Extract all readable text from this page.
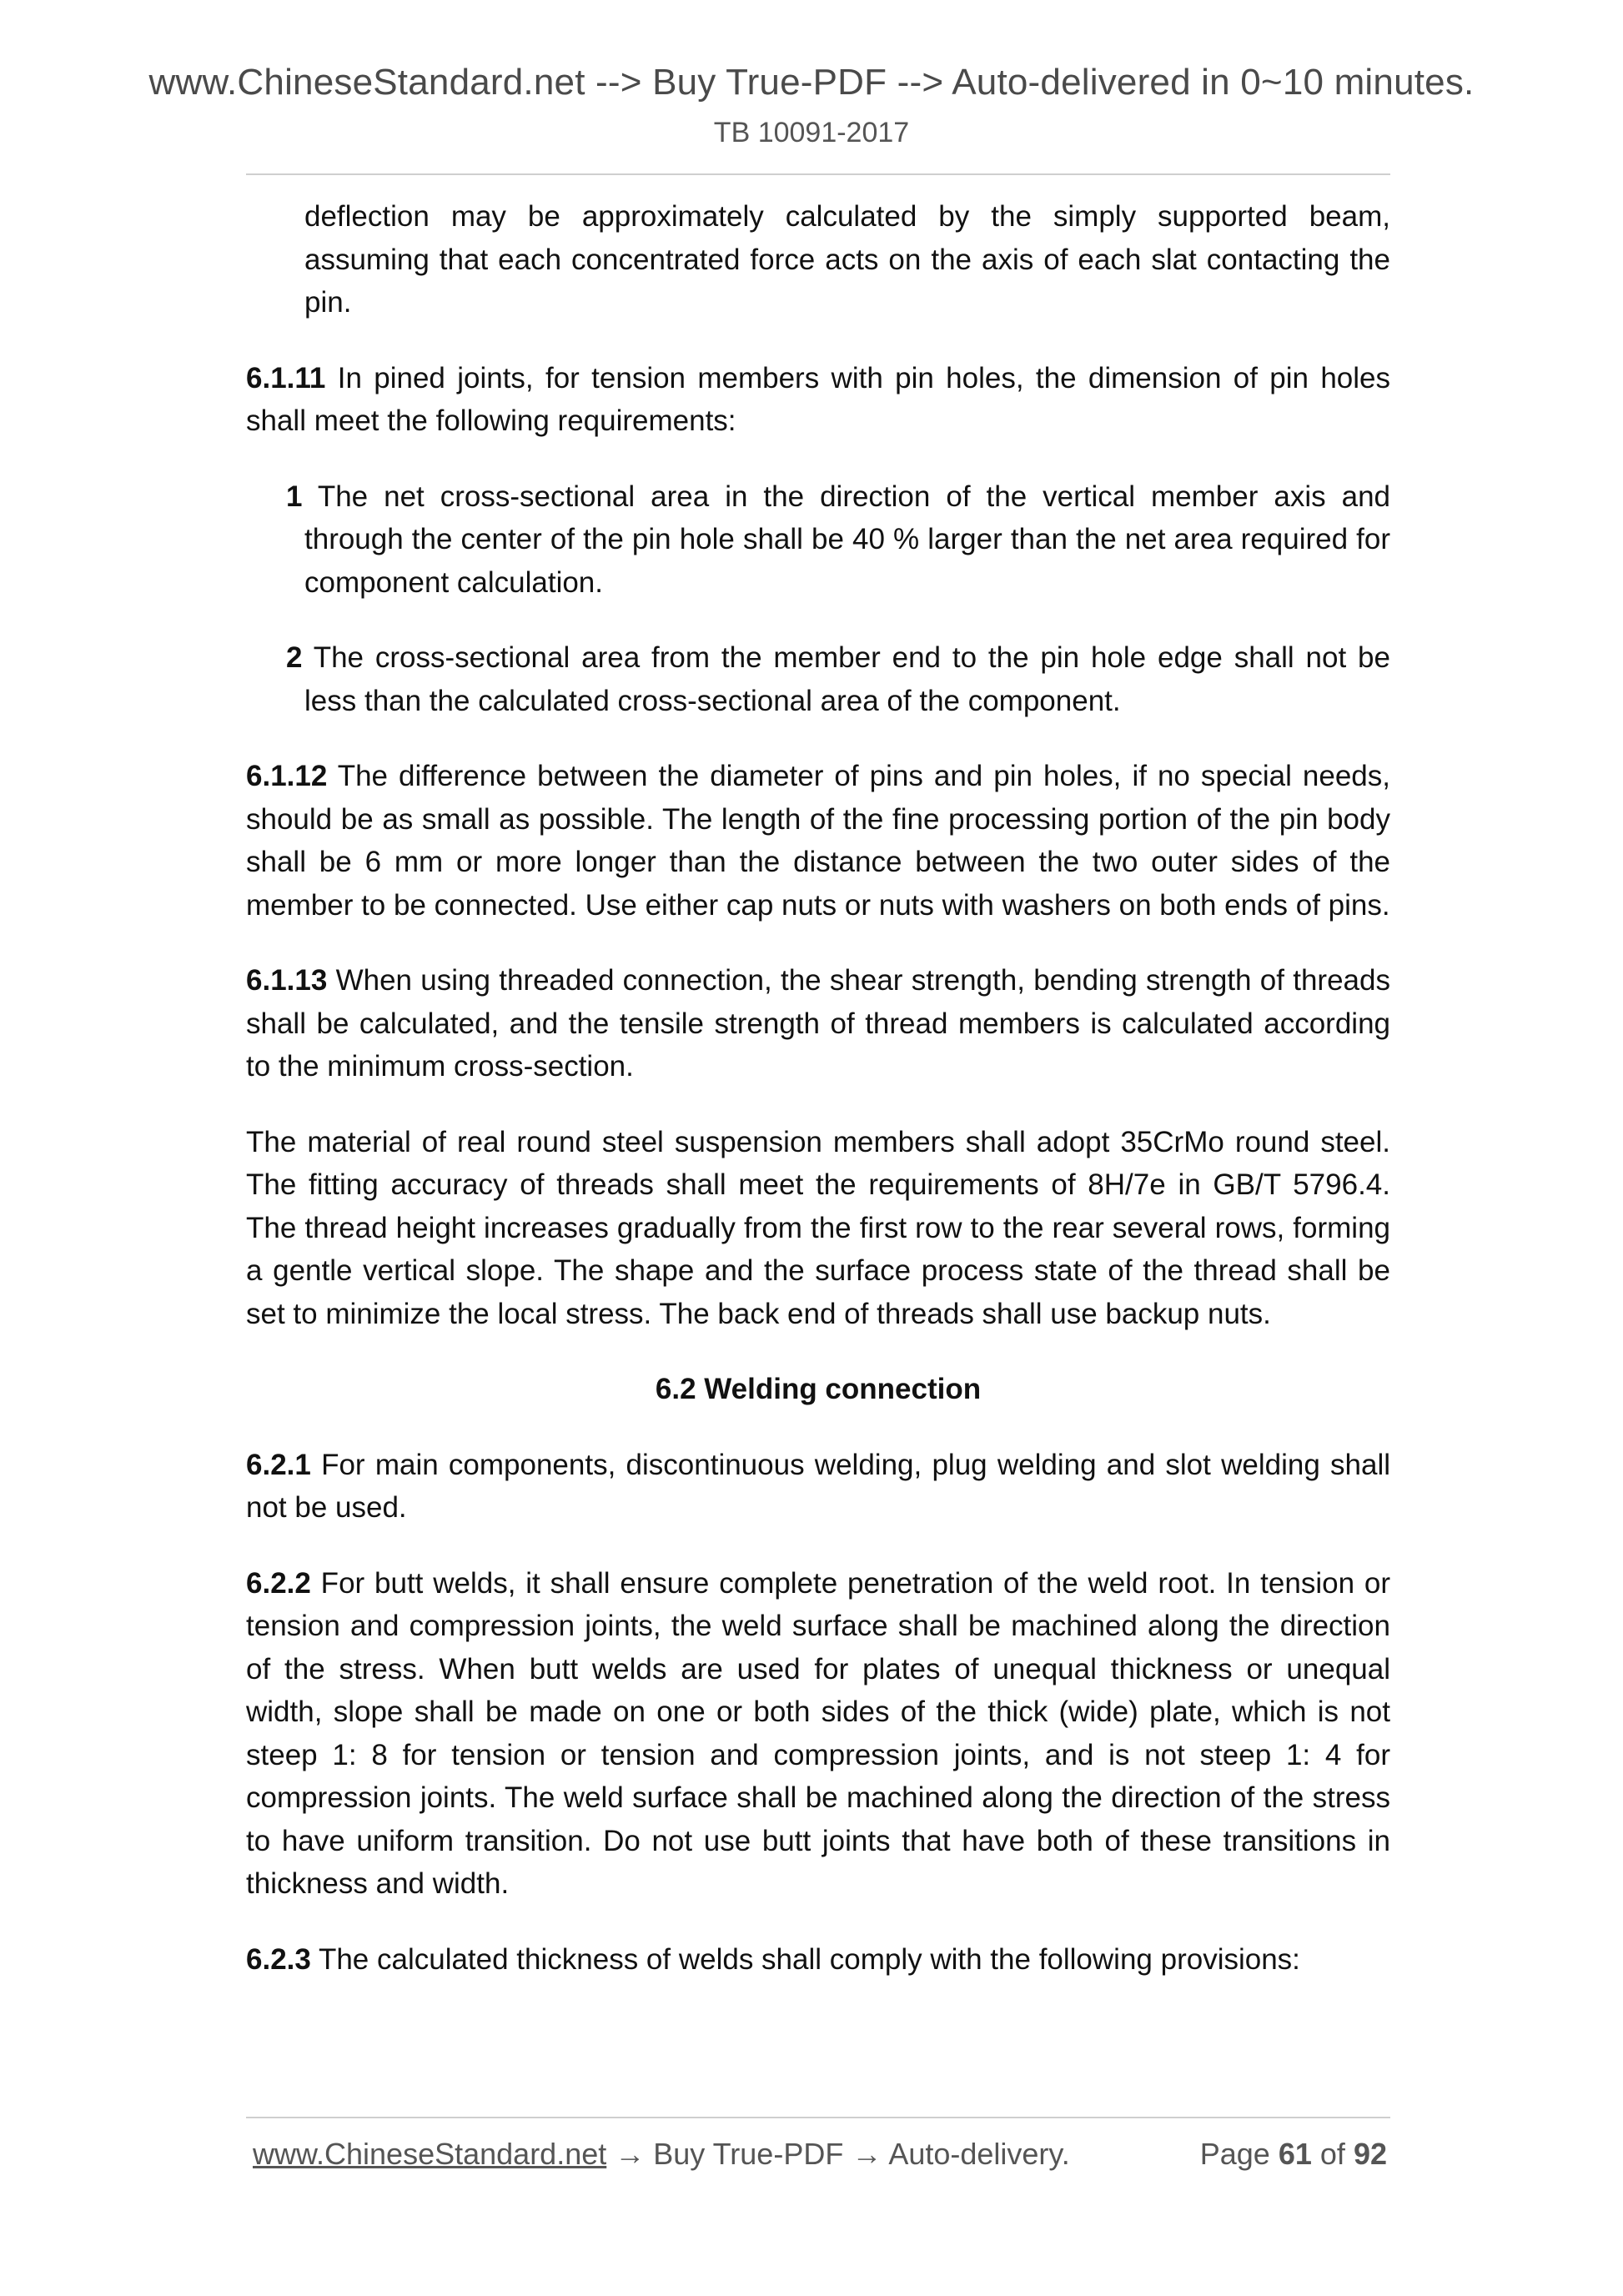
www.ChineseStandard.net --> Buy True-PDF --> Auto-delivered in 0~10 minutes.
TB 10091-2017

deflection may be approximately calculated by the simply supported beam, assuming that each concentrated force acts on the axis of each slat contacting the pin.

6.1.11 In pined joints, for tension members with pin holes, the dimension of pin holes shall meet the following requirements:

1 The net cross-sectional area in the direction of the vertical member axis and through the center of the pin hole shall be 40 % larger than the net area required for component calculation.

2 The cross-sectional area from the member end to the pin hole edge shall not be less than the calculated cross-sectional area of the component.

6.1.12 The difference between the diameter of pins and pin holes, if no special needs, should be as small as possible. The length of the fine processing portion of the pin body shall be 6 mm or more longer than the distance between the two outer sides of the member to be connected. Use either cap nuts or nuts with washers on both ends of pins.

6.1.13 When using threaded connection, the shear strength, bending strength of threads shall be calculated, and the tensile strength of thread members is calculated according to the minimum cross-section.

The material of real round steel suspension members shall adopt 35CrMo round steel. The fitting accuracy of threads shall meet the requirements of 8H/7e in GB/T 5796.4. The thread height increases gradually from the first row to the rear several rows, forming a gentle vertical slope. The shape and the surface process state of the thread shall be set to minimize the local stress. The back end of threads shall use backup nuts.

6.2 Welding connection

6.2.1 For main components, discontinuous welding, plug welding and slot welding shall not be used.

6.2.2 For butt welds, it shall ensure complete penetration of the weld root. In tension or tension and compression joints, the weld surface shall be machined along the direction of the stress. When butt welds are used for plates of unequal thickness or unequal width, slope shall be made on one or both sides of the thick (wide) plate, which is not steep 1: 8 for tension or tension and compression joints, and is not steep 1: 4 for compression joints. The weld surface shall be machined along the direction of the stress to have uniform transition. Do not use butt joints that have both of these transitions in thickness and width.

6.2.3 The calculated thickness of welds shall comply with the following provisions:

www.ChineseStandard.net → Buy True-PDF → Auto-delivery.	Page 61 of 92
